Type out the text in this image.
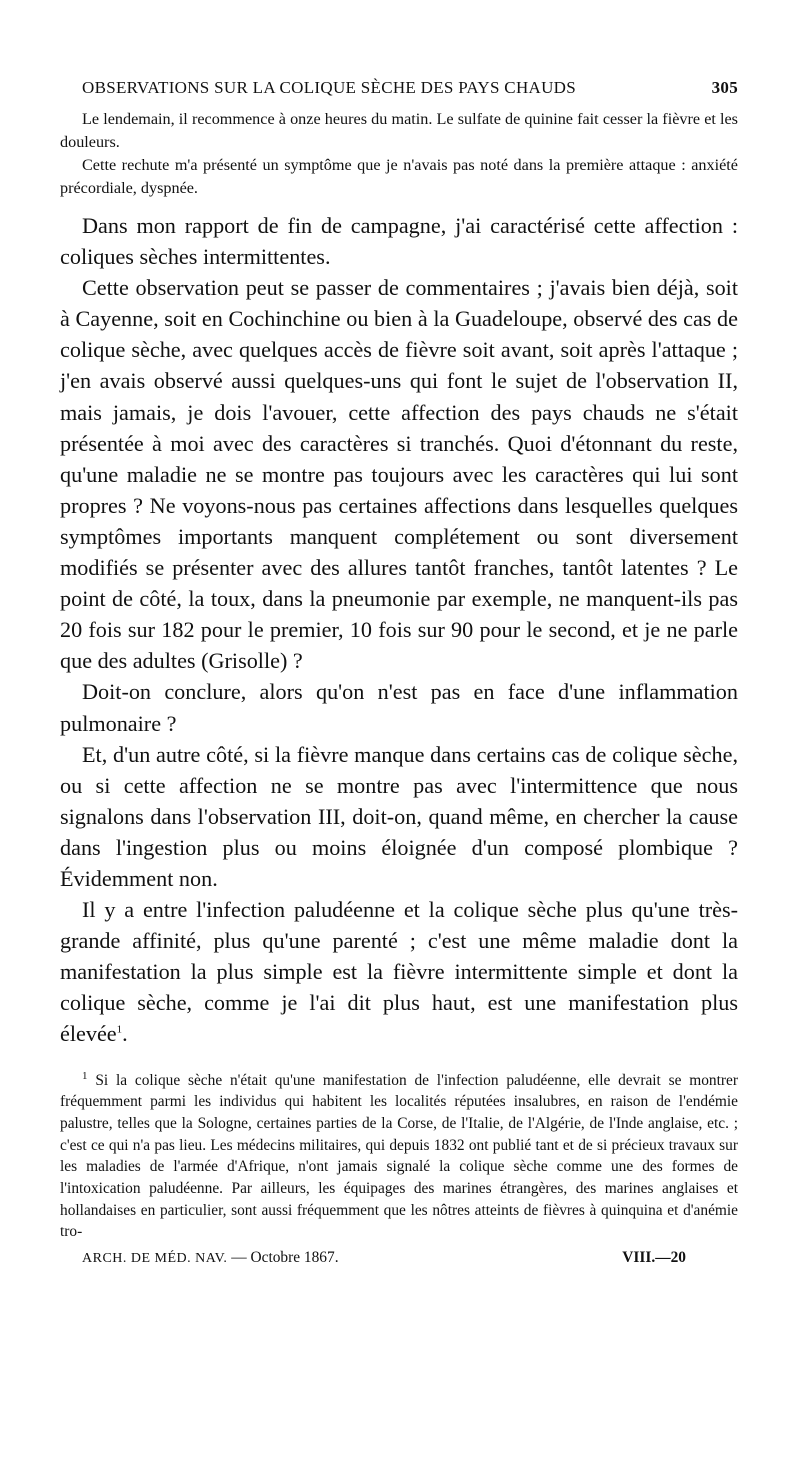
OBSERVATIONS SUR LA COLIQUE SÈCHE DES PAYS CHAUDS	305

Le lendemain, il recommence à onze heures du matin. Le sulfate de quinine fait cesser la fièvre et les douleurs.

Cette rechute m'a présenté un symptôme que je n'avais pas noté dans la première attaque : anxiété précordiale, dyspnée.

Dans mon rapport de fin de campagne, j'ai caractérisé cette affection : coliques sèches intermittentes.

Cette observation peut se passer de commentaires ; j'avais bien déjà, soit à Cayenne, soit en Cochinchine ou bien à la Guadeloupe, observé des cas de colique sèche, avec quelques accès de fièvre soit avant, soit après l'attaque ; j'en avais observé aussi quelques-uns qui font le sujet de l'observation II, mais jamais, je dois l'avouer, cette affection des pays chauds ne s'était présentée à moi avec des caractères si tranchés. Quoi d'étonnant du reste, qu'une maladie ne se montre pas toujours avec les caractères qui lui sont propres ? Ne voyons-nous pas certaines affections dans lesquelles quelques symptômes importants manquent complétement ou sont diversement modifiés se présenter avec des allures tantôt franches, tantôt latentes ? Le point de côté, la toux, dans la pneumonie par exemple, ne manquent-ils pas 20 fois sur 182 pour le premier, 10 fois sur 90 pour le second, et je ne parle que des adultes (Grisolle) ?

Doit-on conclure, alors qu'on n'est pas en face d'une inflammation pulmonaire ?

Et, d'un autre côté, si la fièvre manque dans certains cas de colique sèche, ou si cette affection ne se montre pas avec l'intermittence que nous signalons dans l'observation III, doit-on, quand même, en chercher la cause dans l'ingestion plus ou moins éloignée d'un composé plombique ? Évidemment non.

Il y a entre l'infection paludéenne et la colique sèche plus qu'une très-grande affinité, plus qu'une parenté ; c'est une même maladie dont la manifestation la plus simple est la fièvre intermittente simple et dont la colique sèche, comme je l'ai dit plus haut, est une manifestation plus élevée$^1$.

$^1$ Si la colique sèche n'était qu'une manifestation de l'infection paludéenne, elle devrait se montrer fréquemment parmi les individus qui habitent les localités réputées insalubres, en raison de l'endémie palustre, telles que la Sologne, certaines parties de la Corse, de l'Italie, de l'Algérie, de l'Inde anglaise, etc. ; c'est ce qui n'a pas lieu. Les médecins militaires, qui depuis 1832 ont publié tant et de si précieux travaux sur les maladies de l'armée d'Afrique, n'ont jamais signalé la colique sèche comme une des formes de l'intoxication paludéenne. Par ailleurs, les équipages des marines étrangères, des marines anglaises et hollandaises en particulier, sont aussi fréquemment que les nôtres atteints de fièvres à quinquina et d'anémie tro-

ARCH. DE MÉD. NAV. — Octobre 1867.	VIII.—20
